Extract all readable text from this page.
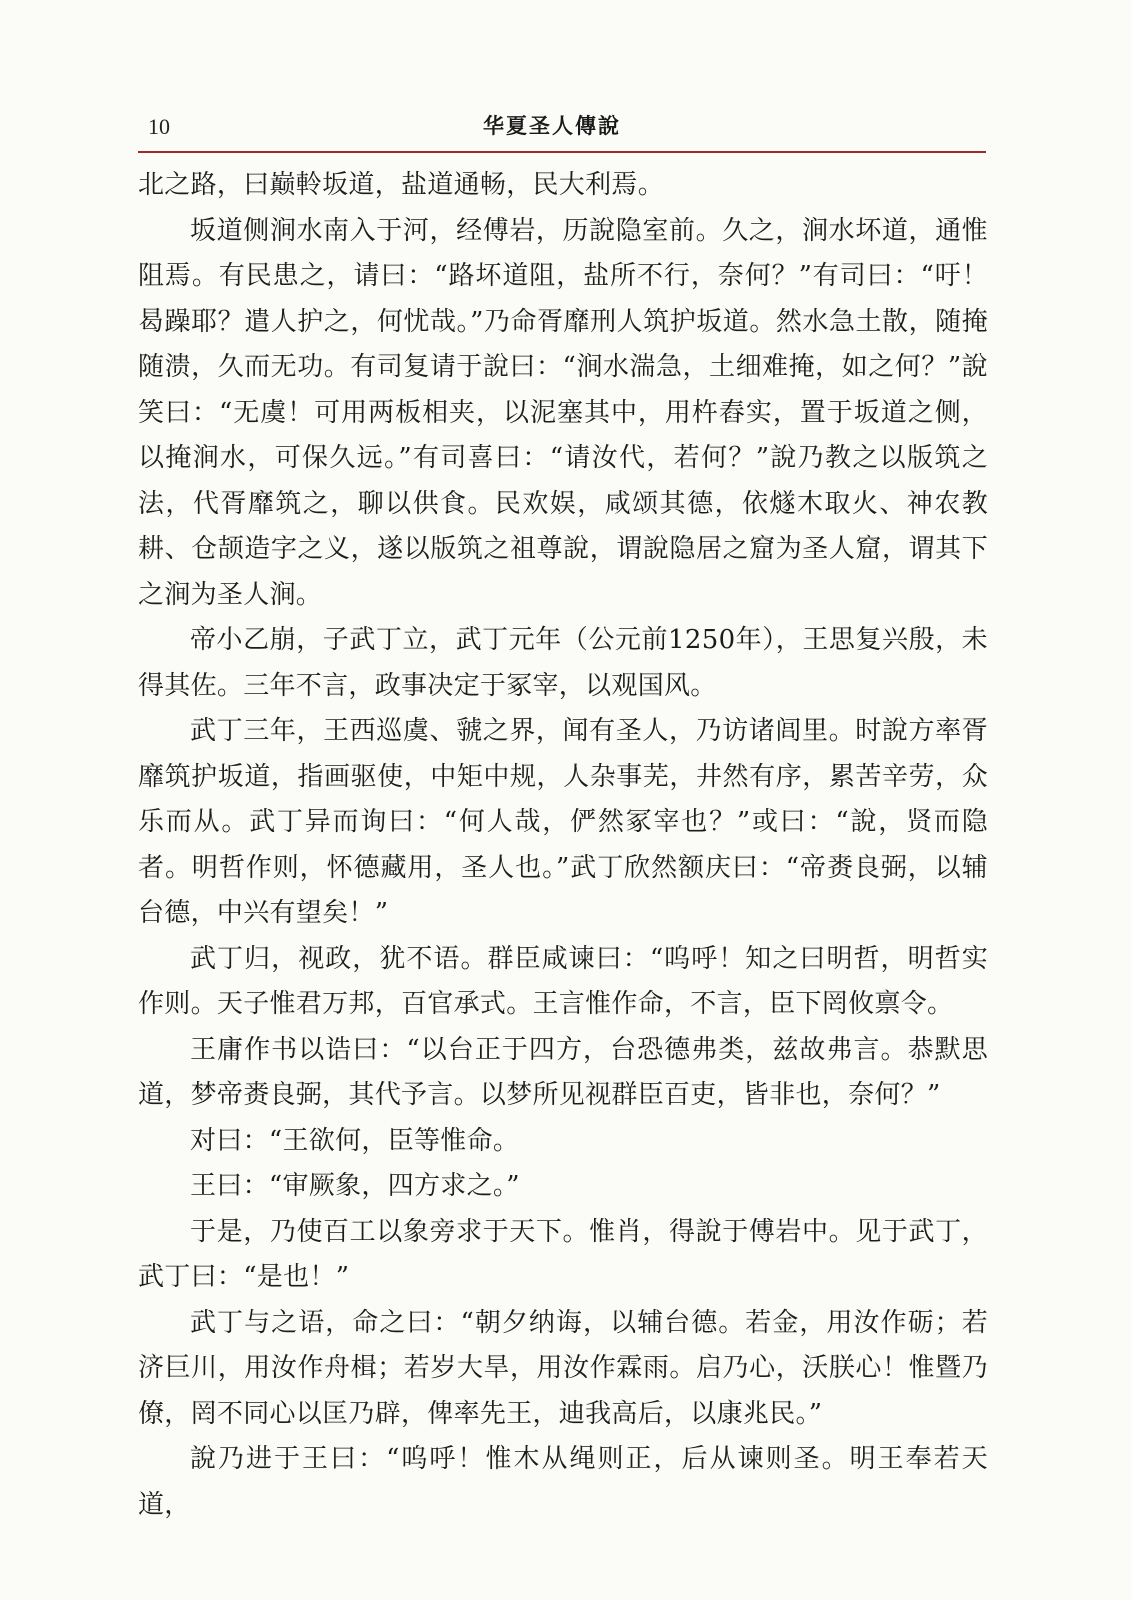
10	华夏圣人傳說

北之路，曰巅軨坂道，盐道通畅，民大利焉。

坂道侧涧水南入于河，经傅岩，历說隐室前。久之，涧水坏道，通惟阻焉。有民患之，请曰：“路坏道阻，盐所不行，奈何？”有司曰：“吁！曷躁耶？遣人护之，何忧哉。”乃命胥靡刑人筑护坂道。然水急土散，随掩随溃，久而无功。有司复请于說曰：“涧水湍急，土细难掩，如之何？”說笑曰：“无虞！可用两板相夹，以泥塞其中，用杵舂实，置于坂道之侧，以掩涧水，可保久远。”有司喜曰：“请汝代，若何？”說乃教之以版筑之法，代胥靡筑之，聊以供食。民欢娱，咸颂其德，依燧木取火、神农教耕、仓颉造字之义，遂以版筑之祖尊說，谓說隐居之窟为圣人窟，谓其下之涧为圣人涧。

帝小乙崩，子武丁立，武丁元年（公元前1250年），王思复兴殷，未得其佐。三年不言，政事决定于冢宰，以观国风。

武丁三年，王西巡虞、虢之界，闻有圣人，乃访诸闾里。时說方率胥靡筑护坂道，指画驱使，中矩中规，人杂事芜，井然有序，累苦辛劳，众乐而从。武丁异而询曰：“何人哉，俨然冢宰也？”或曰：“說，贤而隐者。明哲作则，怀德藏用，圣人也。”武丁欣然额庆曰：“帝赉良弼，以辅台德，中兴有望矣！”

武丁归，视政，犹不语。群臣咸谏曰：“呜呼！知之曰明哲，明哲实作则。天子惟君万邦，百官承式。王言惟作命，不言，臣下罔攸禀令。

王庸作书以诰曰：“以台正于四方，台恐德弗类，兹故弗言。恭默思道，梦帝赉良弼，其代予言。以梦所见视群臣百吏，皆非也，奈何？”

对曰：“王欲何，臣等惟命。

王曰：“审厥象，四方求之。”

于是，乃使百工以象旁求于天下。惟肖，得說于傅岩中。见于武丁，武丁曰：“是也！”

武丁与之语，命之曰：“朝夕纳诲，以辅台德。若金，用汝作砺；若济巨川，用汝作舟楫；若岁大旱，用汝作霖雨。启乃心，沃朕心！惟暨乃僚，罔不同心以匡乃辟，俾率先王，迪我高后，以康兆民。”

說乃进于王曰：“呜呼！惟木从绳则正，后从谏则圣。明王奉若天道，
